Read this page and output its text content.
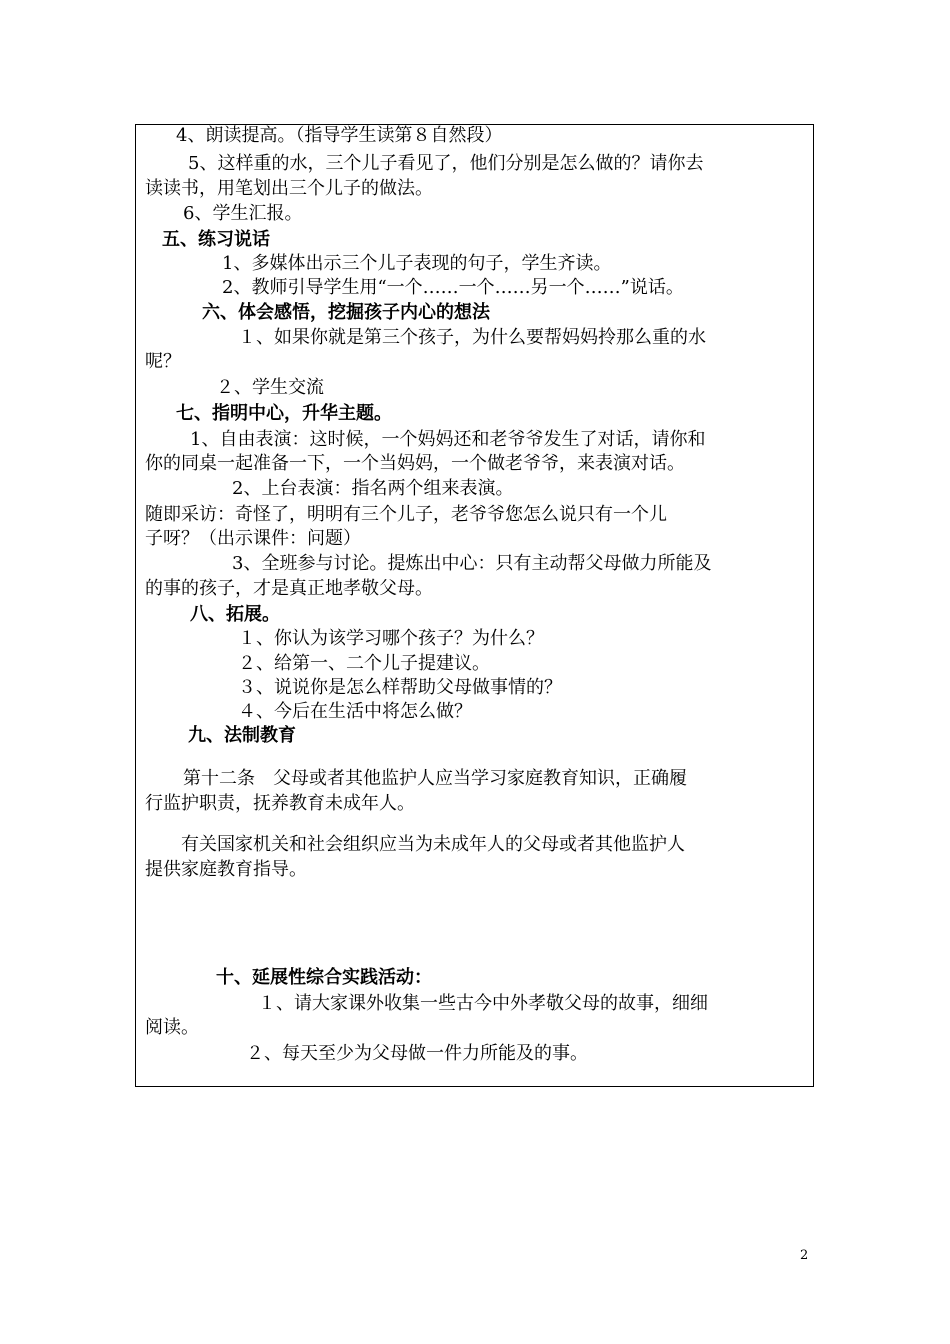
4、朗读提高。（指导学生读第８自然段）
5、这样重的水，三个儿子看见了，他们分别是怎么做的？请你去
读读书，用笔划出三个儿子的做法。
6、学生汇报。
五、练习说话
1、多媒体出示三个儿子表现的句子，学生齐读。
2、教师引导学生用“一个……一个……另一个……”说话。
六、体会感悟，挖掘孩子内心的想法
１、如果你就是第三个孩子，为什么要帮妈妈拎那么重的水
呢？
２、学生交流
七、指明中心，升华主题。
1、自由表演：这时候，一个妈妈还和老爷爷发生了对话，请你和
你的同桌一起准备一下，一个当妈妈，一个做老爷爷，来表演对话。
2、上台表演：指名两个组来表演。
随即采访：奇怪了，明明有三个儿子，老爷爷您怎么说只有一个儿
子呀？（出示课件：问题）
3、全班参与讨论。提炼出中心：只有主动帮父母做力所能及
的事的孩子，才是真正地孝敬父母。
八、拓展。
１、你认为该学习哪个孩子？为什么？
２、给第一、二个儿子提建议。
３、说说你是怎么样帮助父母做事情的？
４、今后在生活中将怎么做？
九、法制教育
第十二条　父母或者其他监护人应当学习家庭教育知识，正确履
行监护职责，抚养教育未成年人。
有关国家机关和社会组织应当为未成年人的父母或者其他监护人
提供家庭教育指导。
十、延展性综合实践活动：
１、请大家课外收集一些古今中外孝敬父母的故事，细细
阅读。
２、每天至少为父母做一件力所能及的事。
2
